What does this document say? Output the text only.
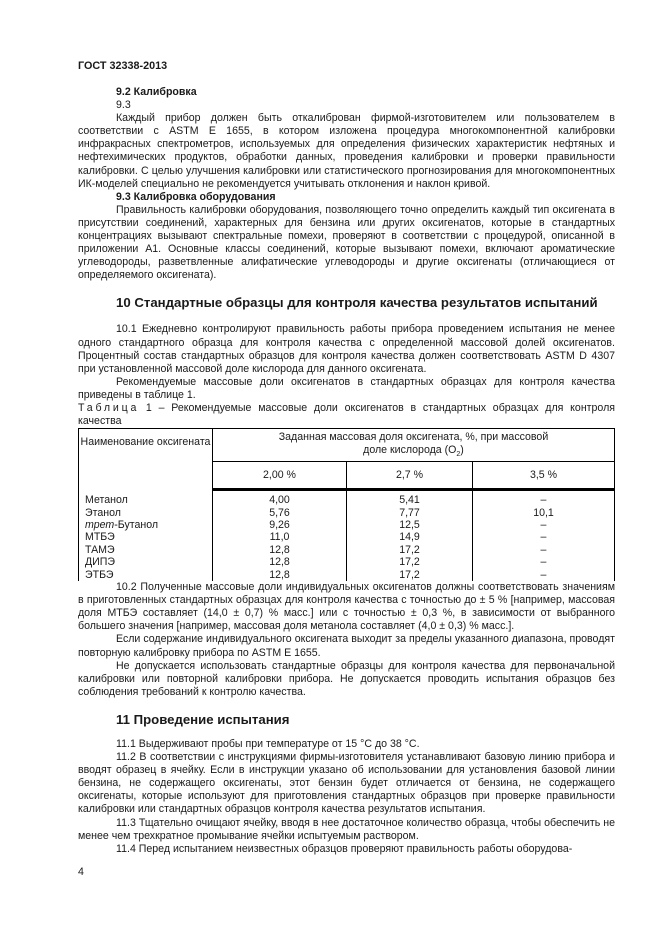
ГОСТ 32338-2013

9.2 Калибровка

9.3

Каждый прибор должен быть откалиброван фирмой-изготовителем или пользователем в соответствии с ASTM E 1655, в котором изложена процедура многокомпонентной калибровки инфракрасных спектрометров, используемых для определения физических характеристик нефтяных и нефтехимических продуктов, обработки данных, проведения калибровки и проверки правильности калибровки. С целью улучшения калибровки или статистического прогнозирования для многокомпонентных ИК-моделей специально не рекомендуется учитывать отклонения и наклон кривой.

9.3 Калибровка оборудования

Правильность калибровки оборудования, позволяющего точно определить каждый тип оксигената в присутствии соединений, характерных для бензина или других оксигенатов, которые в стандартных концентрациях вызывают спектральные помехи, проверяют в соответствии с процедурой, описанной в приложении А1. Основные классы соединений, которые вызывают помехи, включают ароматические углеводороды, разветвленные алифатические углеводороды и другие оксигенаты (отличающиеся от определяемого оксигената).

10 Стандартные образцы для контроля качества результатов испытаний

10.1 Ежедневно контролируют правильность работы прибора проведением испытания не менее одного стандартного образца для контроля качества с определенной массовой долей оксигенатов. Процентный состав стандартных образцов для контроля качества должен соответствовать ASTM D 4307 при установленной массовой доле кислорода для данного оксигената.

Рекомендуемые массовые доли оксигенатов в стандартных образцах для контроля качества приведены в таблице 1.

Таблица 1 – Рекомендуемые массовые доли оксигенатов в стандартных образцах для контроля качества

Наименование оксигената	Заданная массовая доля оксигената, %, при массовой
доле кислорода $(O_2)$		
	2,00 %	2,7 %	3,5 %
Метанол	4,00	5,41	–
Этанол	5,76	7,77	10,1
трет-Бутанол	9,26	12,5	–
МТБЭ	11,0	14,9	–
ТАМЭ	12,8	17,2	–
ДИПЭ	12,8	17,2	–
ЭТБЭ	12,8	17,2	–

10.2 Полученные массовые доли индивидуальных оксигенатов должны соответствовать значениям в приготовленных стандартных образцах для контроля качества с точностью до ± 5 % [например, массовая доля МТБЭ составляет (14,0 ± 0,7) % масс.] или с точностью ± 0,3 %, в зависимости от выбранного большего значения [например, массовая доля метанола составляет (4,0 ± 0,3) % масс.].

Если содержание индивидуального оксигената выходит за пределы указанного диапазона, проводят повторную калибровку прибора по ASTM E 1655.

Не допускается использовать стандартные образцы для контроля качества для первоначальной калибровки или повторной калибровки прибора. Не допускается проводить испытания образцов без соблюдения требований к контролю качества.

11 Проведение испытания

11.1 Выдерживают пробы при температуре от 15 °С до 38 °С.

11.2 В соответствии с инструкциями фирмы-изготовителя устанавливают базовую линию прибора и вводят образец в ячейку. Если в инструкции указано об использовании для установления базовой линии бензина, не содержащего оксигенаты, этот бензин будет отличается от бензина, не содержащего оксигенаты, которые используют для приготовления стандартных образцов при проверке правильности калибровки или стандартных образцов контроля качества результатов испытания.

11.3 Тщательно очищают ячейку, вводя в нее достаточное количество образца, чтобы обеспечить не менее чем трехкратное промывание ячейки испытуемым раствором.

11.4 Перед испытанием неизвестных образцов проверяют правильность работы оборудова-

4
